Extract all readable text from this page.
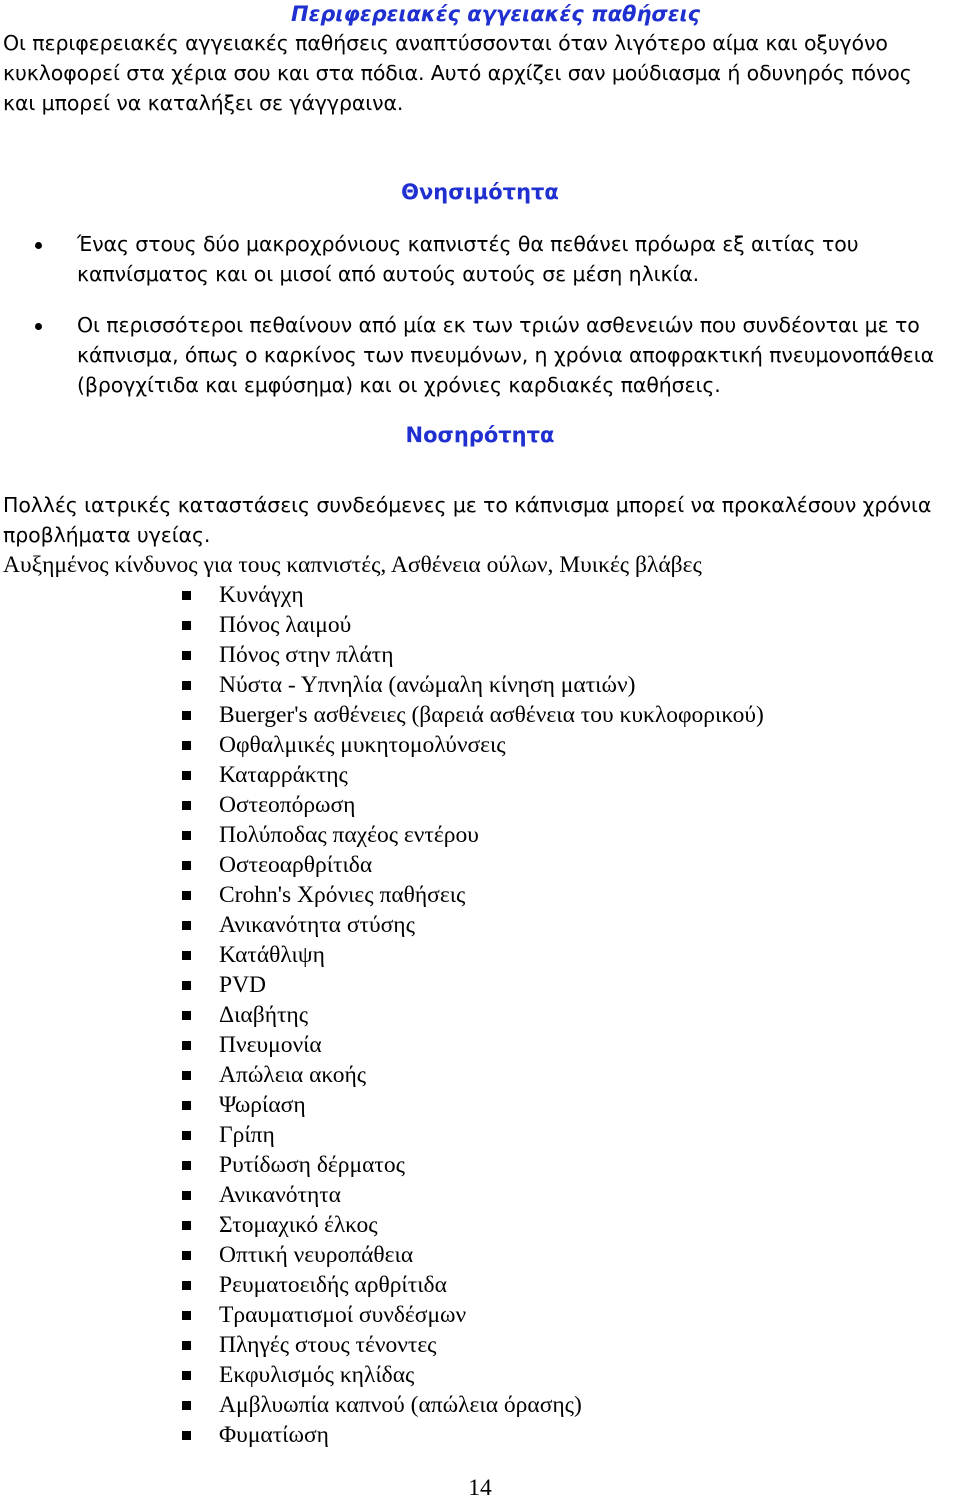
Περιφερειακές αγγειακές παθήσεις
Οι περιφερειακές αγγειακές παθήσεις αναπτύσσονται όταν λιγότερο αίμα και οξυγόνο
κυκλοφορεί στα χέρια σου και στα πόδια. Αυτό αρχίζει σαν μούδιασμα ή οδυνηρός πόνος
και μπορεί να καταλήξει σε γάγγραινα.
Θνησιμότητα
Ένας στους δύο μακροχρόνιους καπνιστές θα πεθάνει πρόωρα εξ αιτίας του
καπνίσματος και οι μισοί από αυτούς αυτούς σε μέση ηλικία.
Οι περισσότεροι πεθαίνουν από μία εκ των τριών ασθενειών που συνδέονται με το
κάπνισμα, όπως ο καρκίνος των πνευμόνων, η χρόνια αποφρακτική πνευμονοπάθεια
(βρογχίτιδα και εμφύσημα) και οι χρόνιες καρδιακές παθήσεις.
Νοσηρότητα
Πολλές ιατρικές καταστάσεις συνδεόμενες με το κάπνισμα μπορεί να προκαλέσουν χρόνια
προβλήματα υγείας.
Αυξημένος κίνδυνος για τους καπνιστές, Ασθένεια ούλων, Μυικές βλάβες
Κυνάγχη
Πόνος λαιμού
Πόνος στην πλάτη
Νύστα - Υπνηλία (ανώμαλη κίνηση ματιών)
Buerger's ασθένειες (βαρειά ασθένεια του κυκλοφορικού)
Οφθαλμικές μυκητομολύνσεις
Καταρράκτης
Οστεοπόρωση
Πολύποδας παχέος εντέρου
Οστεοαρθρίτιδα
Crohn's Χρόνιες παθήσεις
Ανικανότητα στύσης
Κατάθλιψη
PVD
Διαβήτης
Πνευμονία
Απώλεια ακοής
Ψωρίαση
Γρίπη
Ρυτίδωση δέρματος
Ανικανότητα
Στομαχικό έλκος
Οπτική νευροπάθεια
Ρευματοειδής αρθρίτιδα
Τραυματισμοί συνδέσμων
Πληγές στους τένοντες
Εκφυλισμός κηλίδας
Αμβλυωπία καπνού (απώλεια όρασης)
Φυματίωση
14
